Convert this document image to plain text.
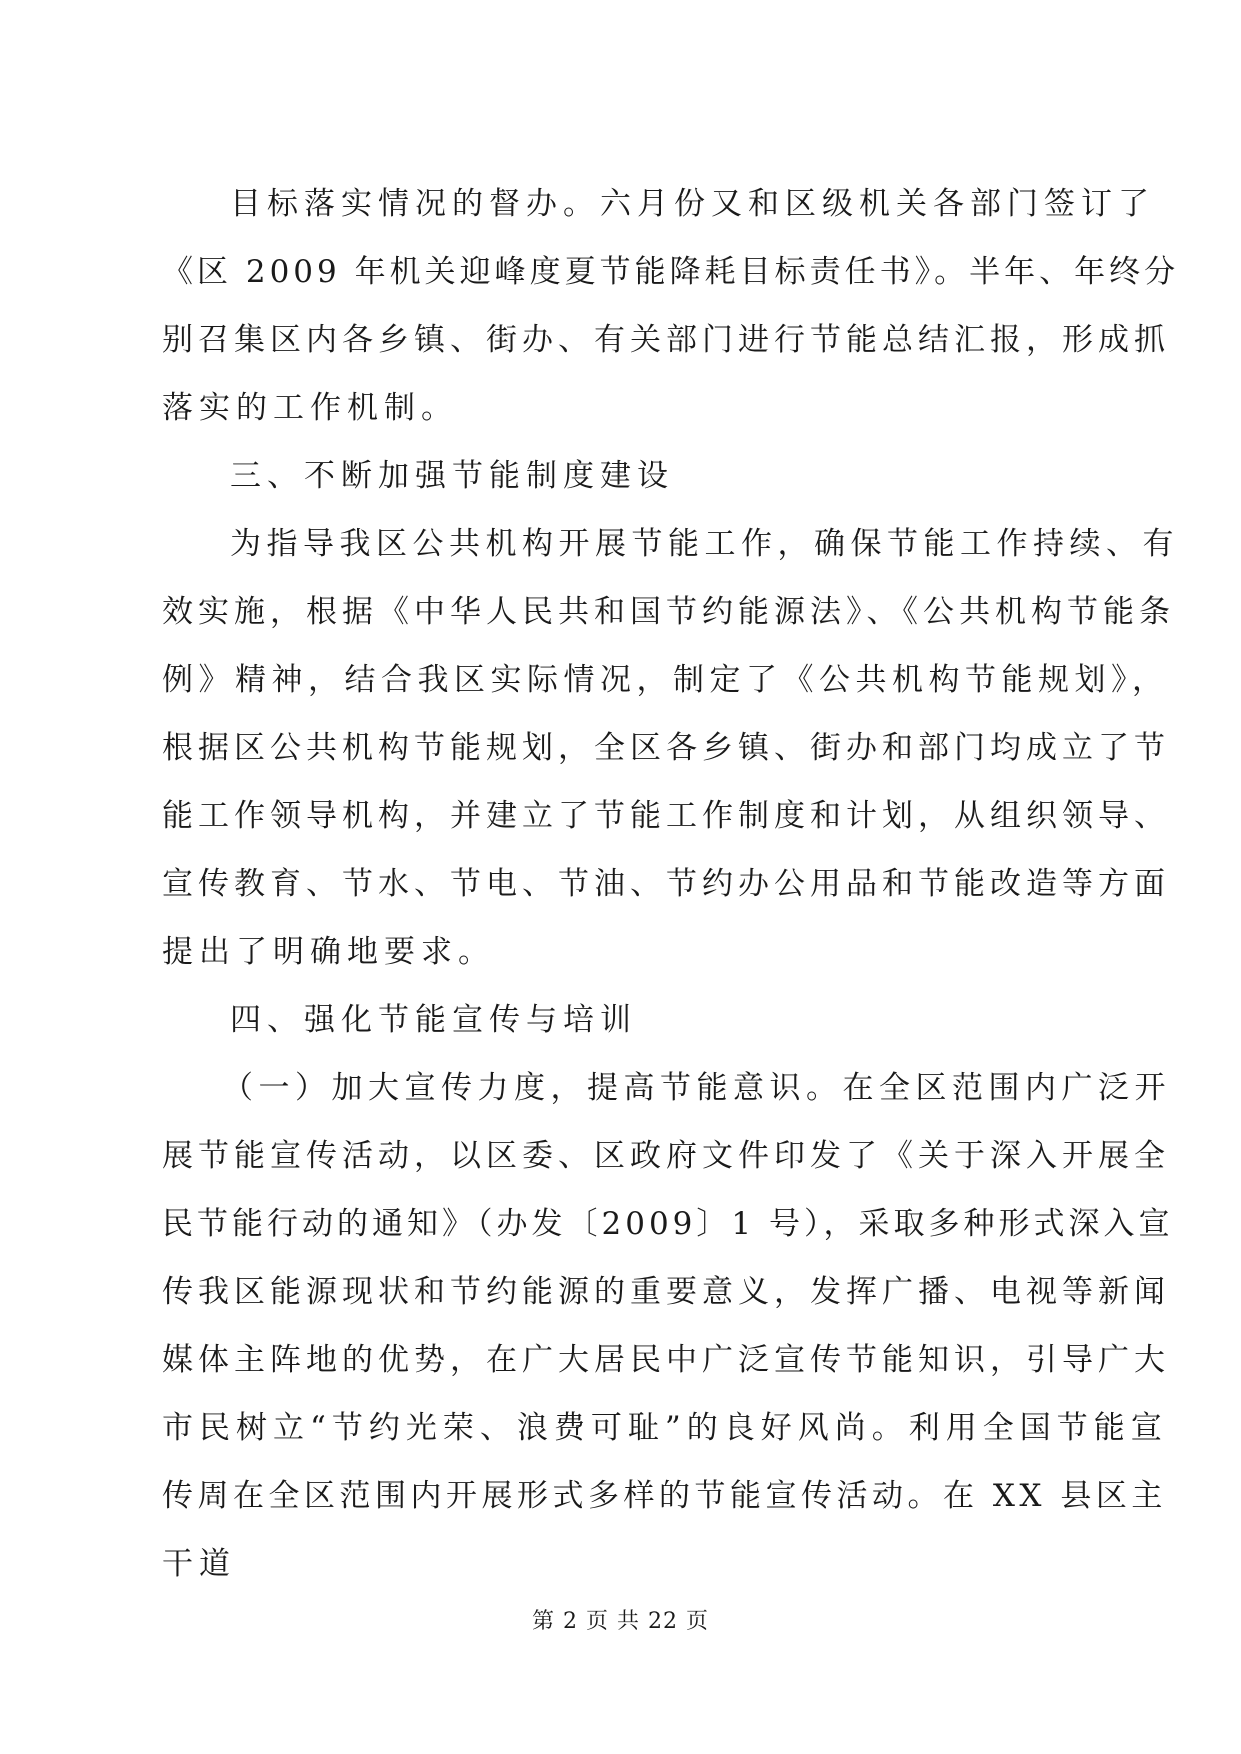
目标落实情况的督办。六月份又和区级机关各部门签订了
《区 2009 年机关迎峰度夏节能降耗目标责任书》。半年、年终分
别召集区内各乡镇、街办、有关部门进行节能总结汇报，形成抓
落实的工作机制。
三、不断加强节能制度建设
为指导我区公共机构开展节能工作，确保节能工作持续、有
效实施，根据《中华人民共和国节约能源法》、《公共机构节能条
例》精神，结合我区实际情况，制定了《公共机构节能规划》，
根据区公共机构节能规划，全区各乡镇、街办和部门均成立了节
能工作领导机构，并建立了节能工作制度和计划，从组织领导、
宣传教育、节水、节电、节油、节约办公用品和节能改造等方面
提出了明确地要求。
四、强化节能宣传与培训
（一）加大宣传力度，提高节能意识。在全区范围内广泛开
展节能宣传活动，以区委、区政府文件印发了《关于深入开展全
民节能行动的通知》（办发〔2009〕1 号），采取多种形式深入宣
传我区能源现状和节约能源的重要意义，发挥广播、电视等新闻
媒体主阵地的优势，在广大居民中广泛宣传节能知识，引导广大
市民树立“节约光荣、浪费可耻”的良好风尚。利用全国节能宣
传周在全区范围内开展形式多样的节能宣传活动。在 XX 县区主
干道
第 2 页 共 22 页
